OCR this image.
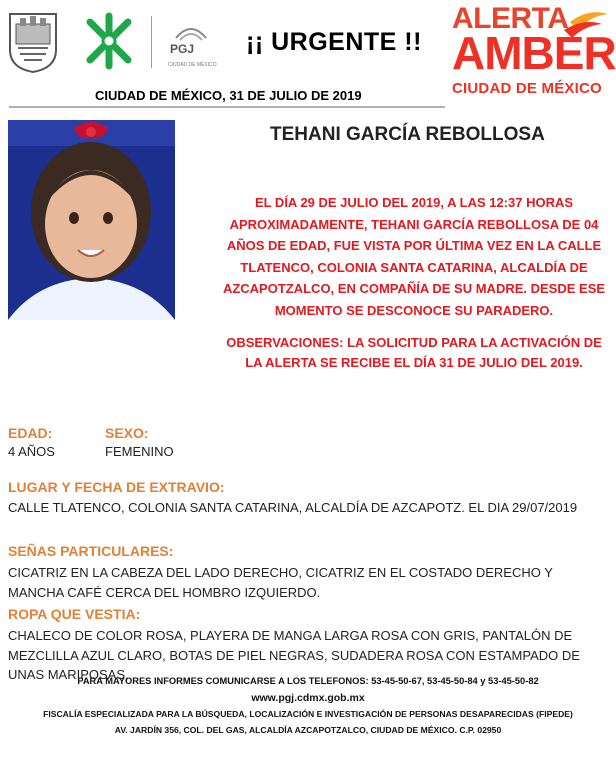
PGJ
CIUDAD DE MÉXICO
¡¡ URGENTE !!
ALERTA
AMBER
CIUDAD DE MÉXICO
CIUDAD DE MÉXICO, 31 DE JULIO DE 2019
TEHANI GARCÍA REBOLLOSA
EL DÍA 29 DE JULIO DEL 2019, A LAS 12:37 HORAS APROXIMADAMENTE, TEHANI GARCÍA REBOLLOSA DE 04 AÑOS DE EDAD, FUE VISTA POR ÚLTIMA VEZ EN LA CALLE TLATENCO, COLONIA SANTA CATARINA, ALCALDÍA DE AZCAPOTZALCO, EN COMPAÑÍA DE SU MADRE. DESDE ESE MOMENTO SE DESCONOCE SU PARADERO.
OBSERVACIONES: LA SOLICITUD PARA LA ACTIVACIÓN DE LA ALERTA SE RECIBE EL DÍA 31 DE JULIO DEL 2019.
EDAD:
4 AÑOS
SEXO:
FEMENINO
LUGAR Y FECHA DE EXTRAVIO:
CALLE TLATENCO, COLONIA SANTA CATARINA, ALCALDÍA DE AZCAPOTZ. EL DIA 29/07/2019
SEÑAS PARTICULARES:
CICATRIZ EN LA CABEZA DEL LADO DERECHO, CICATRIZ EN EL COSTADO DERECHO Y MANCHA CAFÉ CERCA DEL HOMBRO IZQUIERDO.
ROPA QUE VESTIA:
CHALECO DE COLOR ROSA, PLAYERA DE MANGA LARGA ROSA CON GRIS, PANTALÓN DE MEZCLILLA AZUL CLARO, BOTAS DE PIEL NEGRAS, SUDADERA ROSA CON ESTAMPADO DE UNAS MARIPOSAS,
PARA MAYORES INFORMES COMUNICARSE A LOS TELEFONOS: 53-45-50-67, 53-45-50-84 y 53-45-50-82
www.pgj.cdmx.gob.mx
FISCALÍA ESPECIALIZADA PARA LA BÚSQUEDA, LOCALIZACIÓN E INVESTIGACIÓN DE PERSONAS DESAPARECIDAS (FIPEDE)
AV. JARDÍN 356, COL. DEL GAS, ALCALDÍA AZCAPOTZALCO, CIUDAD DE MÉXICO. C.P. 02950
